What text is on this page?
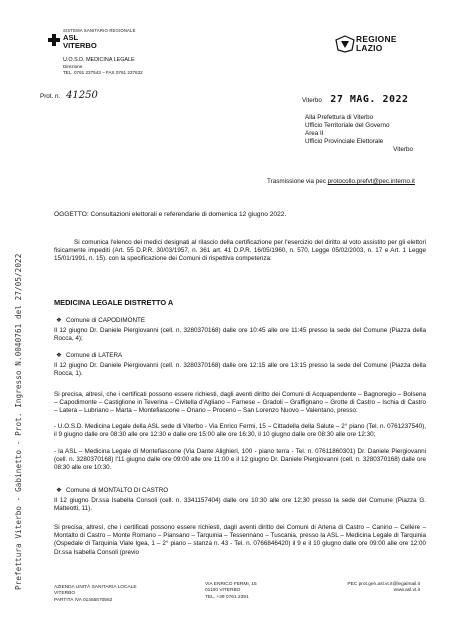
Prefettura Viterbo - Gabinetto - Prot. Ingresso N.0040761 del 27/05/2022
SISTEMA SANITARIO REGIONALE
ASL
VITERBO
U.O.S.D. MEDICINA LEGALE
Direzione
TEL. 0761 237543 – FAX 0761 237632
REGIONE
LAZIO
Prot. n. 41250	Viterbo 27 MAG. 2022
Alla Prefettura di Viterbo
Ufficio Territoriale del Governo
Area II
Ufficio Provinciale Elettorale
Viterbo
Trasmissione via pec protocollo.prefvt@pec.interno.it
OGGETTO: Consultazioni elettorali e referendarie di domenica 12 giugno 2022.
Si comunica l'elenco dei medici designati al rilascio della certificazione per l'esercizio del diritto al voto assistito per gli elettori fisicamente impediti (Art. 55 D.P.R. 30/03/1957, n. 361 art. 41 D.P.R. 16/05/1960, n. 570, Legge 05/02/2003, n. 17 e Art. 1 Legge 15/01/1991, n. 15). con la specificazione dei Comuni di rispettiva competenza:
MEDICINA LEGALE DISTRETTO A
❖ Comune di CAPODIMONTE
Il 12 giugno Dr. Daniele Piergiovanni (cell. n. 3280370168) dalle ore 10:45 alle ore 11:45 presso la sede del Comune (Piazza della Rocca, 4);
❖ Comune di LATERA
Il 12 giugno Dr. Daniele Piergiovanni (cell. n. 3280370168) dalle ore 12:15 alle ore 13:15 presso la sede del Comune (Piazza della Rocca, 1).
Si precisa, altresì, che i certificati possono essere richiesti, dagli aventi diritto dei Comuni di Acquapendente – Bagnoregio – Bolsena – Capodimonte – Castiglione in Teverina – Civitella d'Agliano – Farnese – Gradoli – Graffignano – Grotte di Castro – Ischia di Castro – Latera – Lubriano – Marta – Montefiascone – Onano – Proceno – San Lorenzo Nuovo – Valentano, presso:
- U.O.S.D. Medicina Legale della ASL sede di Viterbo - Via Enrico Fermi, 15 – Cittadella della Salute – 2° piano (Tel. n. 0761237540), il 9 giugno dalle ore 08:30 alle ore 12:30 e dalle ore 15:00 alle ore 16:30, il 10 giugno dalle ore 08:30 alle ore 12:30;
- la ASL – Medicina Legale di Montefiascone (Via Dante Alighieri, 100 - piano terra - Tel. n. 07611860301) Dr. Daniele Piergiovanni (cell. n. 3280370168) l'11 giugno dalle ore 09:00 alle ore 11:00 e il 12 giugno Dr. Daniele Piergiovanni (cell. n. 3280370168) dalle ore 08:30 alle ore 10:30.
❖ Comune di MONTALTO DI CASTRO
Il 12 giugno Dr.ssa Isabella Consoli (cell. n. 3341157404) dalle ore 10:30 alle ore 12:30 presso la sede del Comune (Piazza G. Matteotti, 11).
Si precisa, altresì, che i certificati possono essere richiesti, dagli aventi diritto dei Comuni di Arlena di Castro – Canino – Cellere – Montalto di Castro – Monte Romano – Piansano – Tarquinia – Tessennano – Tuscania, presso la ASL – Medicina Legale di Tarquinia (Ospedale di Tarquinia Viale Igea, 1 – 2° piano – stanza n. 43 - Tel. n. 0766846420) il 9 e il 10 giugno dalle ore 09:00 alle ore 12:00 Dr.ssa Isabella Consoli (previo
AZIENDA UNITÀ SANITARIA LOCALE
VITERBO
PARTITA IVA 01455570562
VIA ENRICO FERMI, 15
01100 VITERBO
TEL. +39 0761 2391
PEC prot.gen.asl.vt.it@legalmail.it
www.asl.vt.it
